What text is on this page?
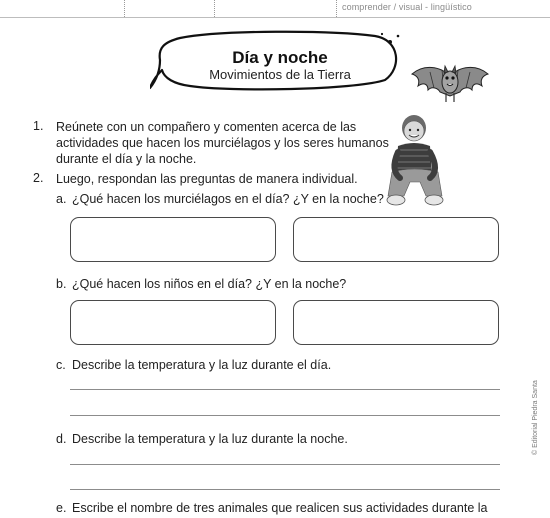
comprender / visual - lingüístico
Día y noche
Movimientos de la Tierra
1. Reúnete con un compañero y comenten acerca de las
actividades que hacen los murciélagos y los seres humanos
durante el día y la noche.
2. Luego, respondan las preguntas de manera individual.
a. ¿Qué hacen los murciélagos en el día? ¿Y en la noche?
b. ¿Qué hacen los niños en el día? ¿Y en la noche?
c. Describe la temperatura y la luz durante el día.
d. Describe la temperatura y la luz durante la noche.
e. Escribe el nombre de tres animales que realicen sus actividades durante la
© Editorial Piedra Santa
